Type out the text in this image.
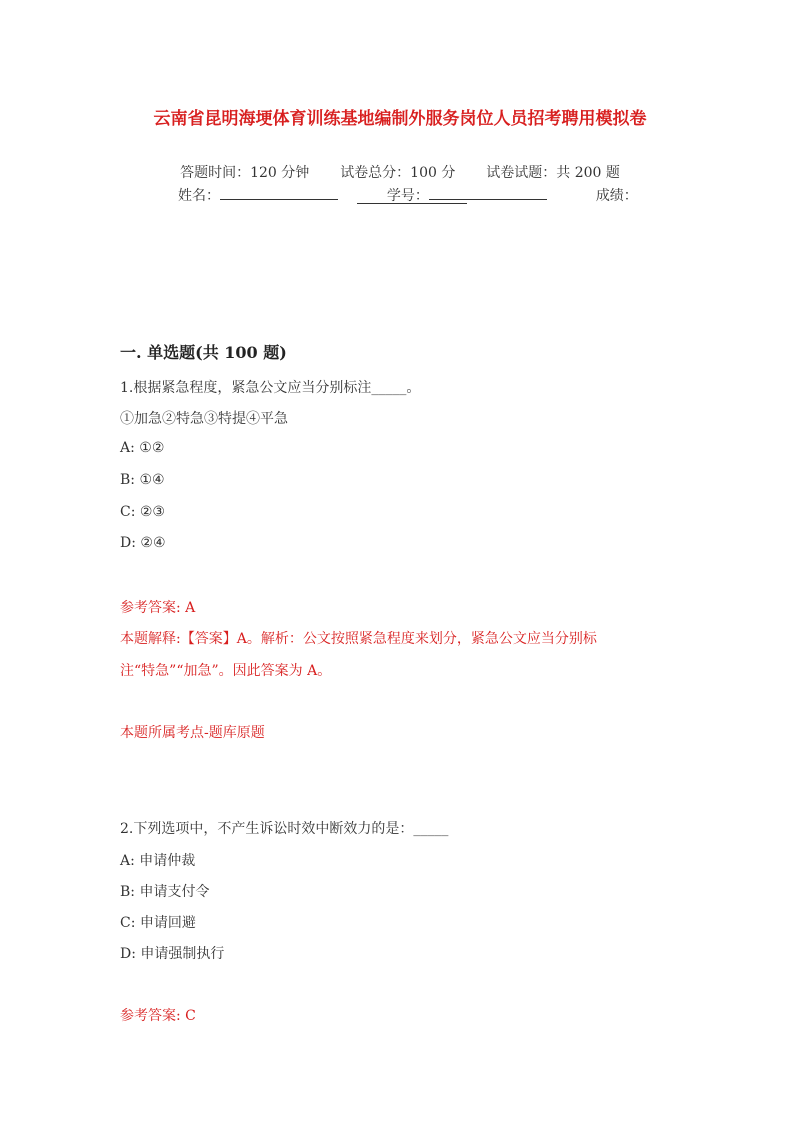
云南省昆明海埂体育训练基地编制外服务岗位人员招考聘用模拟卷
答题时间：120 分钟 试卷总分：100 分 试卷试题：共 200 题
姓名：	学号：	成绩：
一. 单选题(共 100 题)
1.根据紧急程度，紧急公文应当分别标注_____。
①加急②特急③特提④平急
A: ①②
B: ①④
C: ②③
D: ②④
参考答案: A
本题解释:【答案】A。解析：公文按照紧急程度来划分，紧急公文应当分别标
注“特急”“加急”。因此答案为 A。
本题所属考点-题库原题
2.下列选项中，不产生诉讼时效中断效力的是：_____
A: 申请仲裁
B: 申请支付令
C: 申请回避
D: 申请强制执行
参考答案: C
